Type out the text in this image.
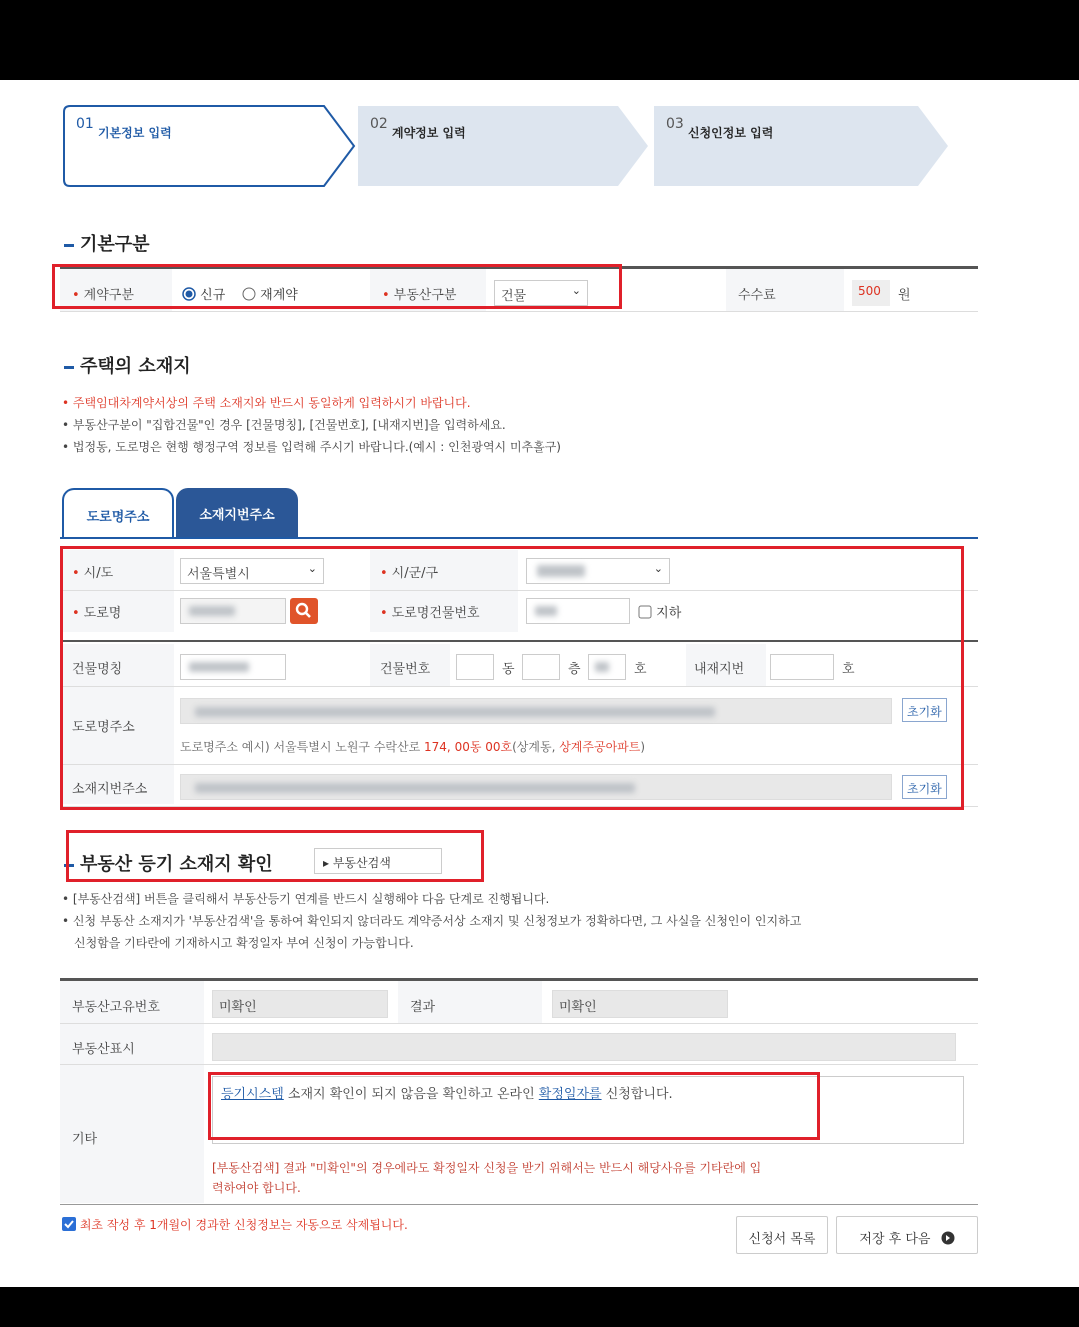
01
기본정보 입력
02
계약정보 입력
03
신청인정보 입력
기본구분
• 계약구분	신규	재계약	• 부동산구분	건물	⌄	수수료	500	원
주택의 소재지
• 주택임대차계약서상의 주택 소재지와 반드시 동일하게 입력하시기 바랍니다.
• 부동산구분이 "집합건물"인 경우 [건물명칭], [건물번호], [내재지번]을 입력하세요.
• 법정동, 도로명은 현행 행정구역 정보를 입력해 주시기 바랍니다.(예시 : 인천광역시 미추홀구)
도로명주소	소재지번주소
• 시/도	서울특별시	⌄	• 시/군/구	⌄
• 도로명	• 도로명건물번호	지하
건물명칭	건물번호	동	층	호	내재지번	호
도로명주소
초기화
도로명주소 예시) 서울특별시 노원구 수락산로 174, 00동 00호(상계동, 상계주공아파트)
소재지번주소	초기화
부동산 등기 소재지 확인	▸ 부동산검색
• [부동산검색] 버튼을 클릭해서 부동산등기 연계를 반드시 실행해야 다음 단계로 진행됩니다.
• 신청 부동산 소재지가 '부동산검색'을 통하여 확인되지 않더라도 계약증서상 소재지 및 신청정보가 정확하다면, 그 사실을 신청인이 인지하고
신청함을 기타란에 기재하시고 확정일자 부여 신청이 가능합니다.
부동산고유번호	미확인	결과	미확인
부동산표시
기타
등기시스템 소재지 확인이 되지 않음을 확인하고 온라인 확정일자를 신청합니다.
[부동산검색] 결과 "미확인"의 경우에라도 확정일자 신청을 받기 위해서는 반드시 해당사유를 기타란에 입
력하여야 합니다.
최초 작성 후 1개월이 경과한 신청정보는 자동으로 삭제됩니다.
신청서 목록	저장 후 다음
